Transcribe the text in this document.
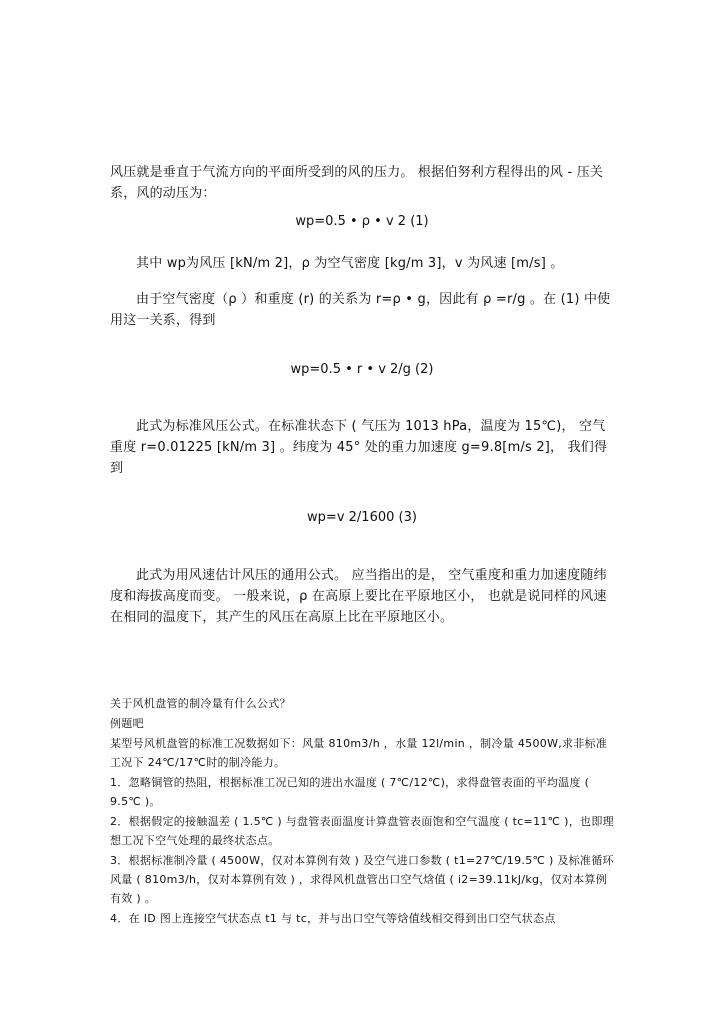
风压就是垂直于气流方向的平面所受到的风的压力。 根据伯努利方程得出的风 - 压关系，风的动压为：
wp=0.5 • ρ • v 2 (1)
其中 wp为风压 [kN/m 2]，ρ 为空气密度 [kg/m 3]，v 为风速 [m/s] 。
由于空气密度（ρ ）和重度 (r) 的关系为 r=ρ • g，因此有 ρ =r/g 。在 (1) 中使用这一关系，得到
wp=0.5 • r • v 2/g (2)
此式为标准风压公式。在标准状态下 ( 气压为 1013 hPa，温度为 15℃)， 空气重度 r=0.01225 [kN/m 3] 。纬度为 45° 处的重力加速度 g=9.8[m/s 2]， 我们得到
wp=v 2/1600 (3)
此式为用风速估计风压的通用公式。 应当指出的是， 空气重度和重力加速度随纬度和海拔高度而变。 一般来说，ρ 在高原上要比在平原地区小， 也就是说同样的风速在相同的温度下，其产生的风压在高原上比在平原地区小。
关于风机盘管的制冷量有什么公式？
例题吧
某型号风机盘管的标准工况数据如下：风量 810m3/h ，水量 12l/min ，制冷量 4500W,求非标准工况下 24℃/17℃时的制冷能力。
1．忽略铜管的热阻，根据标准工况已知的进出水温度 ( 7℃/12℃)，求得盘管表面的平均温度 ( 9.5℃ )。
2．根据假定的接触温差 ( 1.5℃ ) 与盘管表面温度计算盘管表面饱和空气温度 ( tc=11℃ )，也即理想工况下空气处理的最终状态点。
3．根据标准制冷量 ( 4500W，仅对本算例有效 ) 及空气进口参数 ( t1=27℃/19.5℃ ) 及标准循环风量 ( 810m3/h，仅对本算例有效 ) ，求得风机盘管出口空气焓值 ( i2=39.11kJ/kg，仅对本算例有效 ) 。
4．在 ID 图上连接空气状态点 t1 与 tc，并与出口空气等焓值线相交得到出口空气状态点
